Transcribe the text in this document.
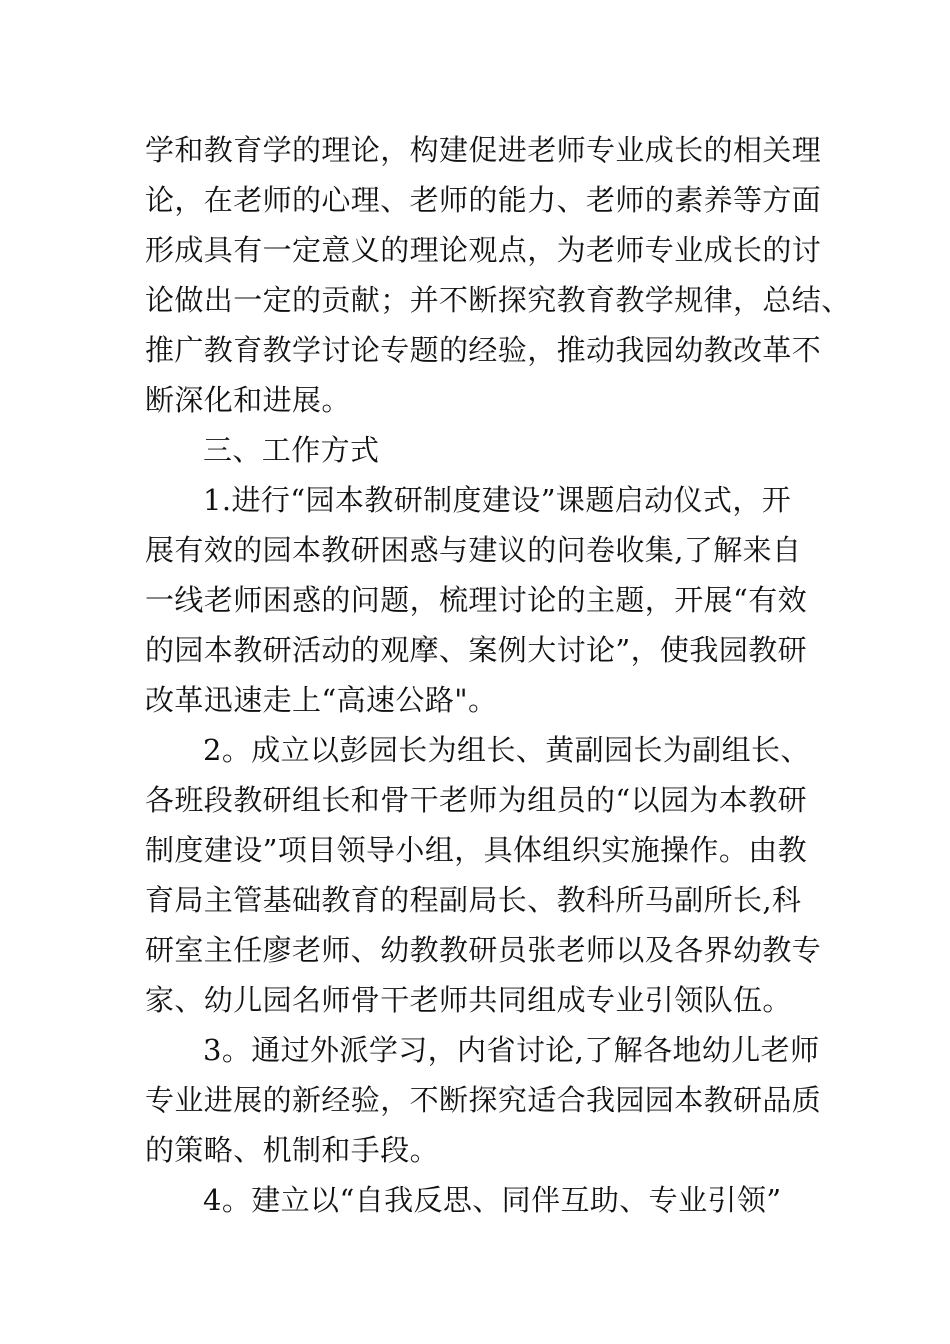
学和教育学的理论，构建促进老师专业成长的相关理
论，在老师的心理、老师的能力、老师的素养等方面
形成具有一定意义的理论观点，为老师专业成长的讨
论做出一定的贡献；并不断探究教育教学规律，总结、
推广教育教学讨论专题的经验，推动我园幼教改革不
断深化和进展。
三、工作方式
1.进行“园本教研制度建设”课题启动仪式，开
展有效的园本教研困惑与建议的问卷收集,了解来自
一线老师困惑的问题，梳理讨论的主题，开展“有效
的园本教研活动的观摩、案例大讨论”，使我园教研
改革迅速走上“高速公路"。
2。成立以彭园长为组长、黄副园长为副组长、
各班段教研组长和骨干老师为组员的“以园为本教研
制度建设”项目领导小组，具体组织实施操作。由教
育局主管基础教育的程副局长、教科所马副所长,科
研室主任廖老师、幼教教研员张老师以及各界幼教专
家、幼儿园名师骨干老师共同组成专业引领队伍。
3。通过外派学习，内省讨论,了解各地幼儿老师
专业进展的新经验，不断探究适合我园园本教研品质
的策略、机制和手段。
4。建立以“自我反思、同伴互助、专业引领”
